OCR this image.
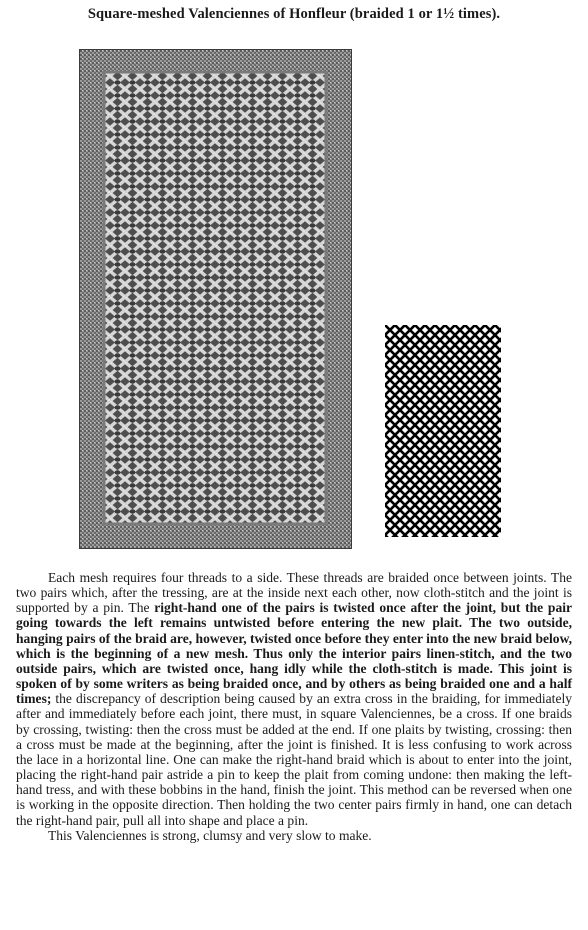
Square-meshed Valenciennes of Honfleur (braided 1 or 1½ times).

Each mesh requires four threads to a side. These threads are braided once between joints. The two pairs which, after the tressing, are at the inside next each other, now cloth-stitch and the joint is supported by a pin. The right-hand one of the pairs is twisted once after the joint, but the pair going towards the left remains untwisted before entering the new plait. The two outside, hanging pairs of the braid are, however, twisted once before they enter into the new braid below, which is the beginning of a new mesh. Thus only the interior pairs linen-stitch, and the two outside pairs, which are twisted once, hang idly while the cloth-stitch is made. This joint is spoken of by some writers as being braided once, and by others as being braided one and a half times; the discrepancy of description being caused by an extra cross in the braiding, for immediately after and immediately before each joint, there must, in square Valenciennes, be a cross. If one braids by crossing, twisting: then the cross must be added at the end. If one plaits by twisting, crossing: then a cross must be made at the beginning, after the joint is finished. It is less confusing to work across the lace in a horizontal line. One can make the right-hand braid which is about to enter into the joint, placing the right-hand pair astride a pin to keep the plait from coming undone: then making the left-hand tress, and with these bobbins in the hand, finish the joint. This method can be reversed when one is working in the opposite direction. Then holding the two center pairs firmly in hand, one can detach the right-hand pair, pull all into shape and place a pin.

This Valenciennes is strong, clumsy and very slow to make.
